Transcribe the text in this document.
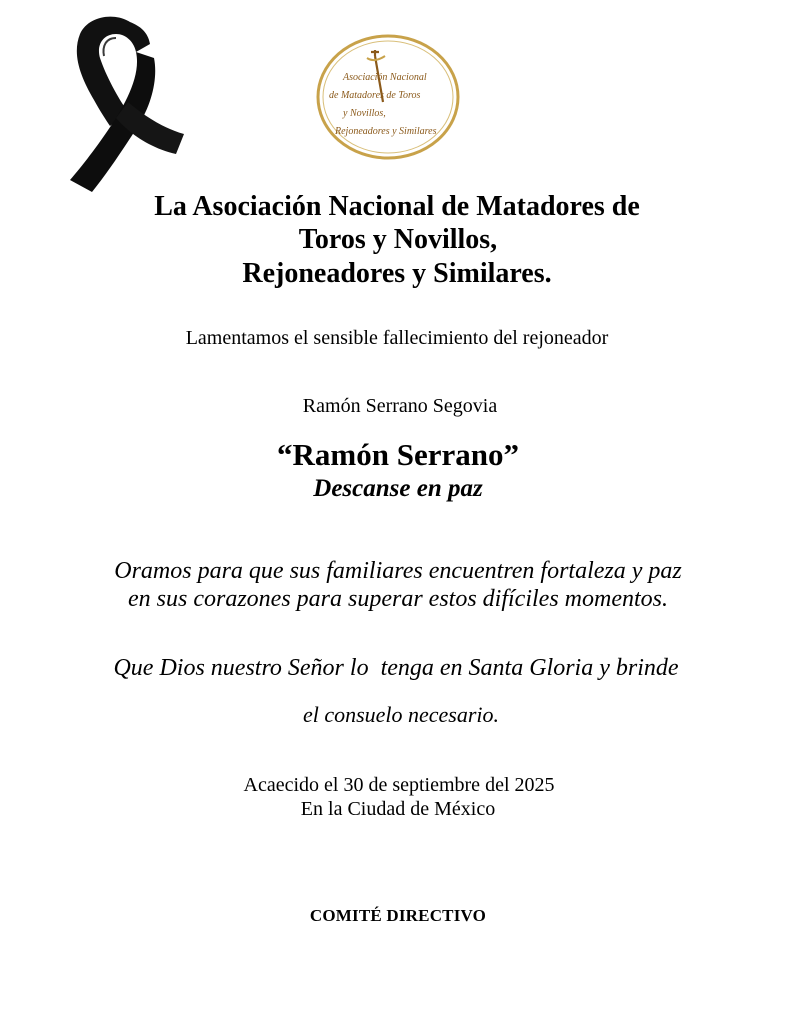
Asociación Nacional
de Matadores de Toros
y Novillos,
Rejoneadores y Similares
La Asociación Nacional de Matadores de
Toros y Novillos,
Rejoneadores y Similares.
Lamentamos el sensible fallecimiento del rejoneador
Ramón Serrano Segovia
“Ramón Serrano”
Descanse en paz
Oramos para que sus familiares encuentren fortaleza y paz
en sus corazones para superar estos difíciles momentos.
Que Dios nuestro Señor lo  tenga en Santa Gloria y brinde
el consuelo necesario.
Acaecido el 30 de septiembre del 2025
En la Ciudad de México
COMITÉ DIRECTIVO
